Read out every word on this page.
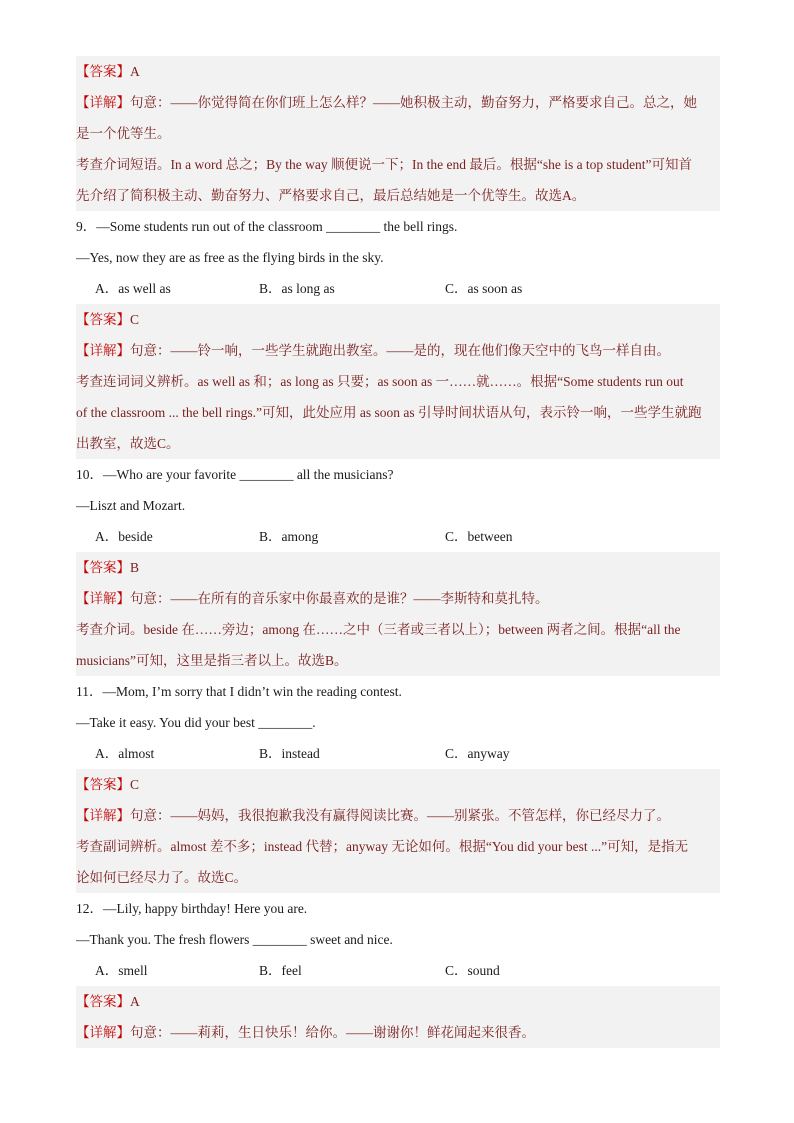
【答案】A
【详解】句意：——你觉得简在你们班上怎么样？——她积极主动，勤奋努力，严格要求自己。总之，她
是一个优等生。
考查介词短语。In a word 总之；By the way 顺便说一下；In the end 最后。根据“she is a top student”可知首
先介绍了简积极主动、勤奋努力、严格要求自己，最后总结她是一个优等生。故选A。
9．—Some students run out of the classroom ________ the bell rings.
—Yes, now they are as free as the flying birds in the sky.
A．as well as	B．as long as	C．as soon as
【答案】C
【详解】句意：——铃一响，一些学生就跑出教室。——是的，现在他们像天空中的飞鸟一样自由。
考查连词词义辨析。as well as 和；as long as 只要；as soon as 一……就……。根据“Some students run out
of the classroom ... the bell rings.”可知，此处应用 as soon as 引导时间状语从句，表示铃一响，一些学生就跑
出教室，故选C。
10．—Who are your favorite ________ all the musicians?
—Liszt and Mozart.
A．beside	B．among	C．between
【答案】B
【详解】句意：——在所有的音乐家中你最喜欢的是谁？——李斯特和莫扎特。
考查介词。beside 在……旁边；among 在……之中（三者或三者以上）；between 两者之间。根据“all the
musicians”可知，这里是指三者以上。故选B。
11．—Mom, I’m sorry that I didn’t win the reading contest.
—Take it easy. You did your best ________.
A．almost	B．instead	C．anyway
【答案】C
【详解】句意：——妈妈，我很抱歉我没有赢得阅读比赛。——别紧张。不管怎样，你已经尽力了。
考查副词辨析。almost 差不多；instead 代替；anyway 无论如何。根据“You did your best ...”可知，是指无
论如何已经尽力了。故选C。
12．—Lily, happy birthday! Here you are.
—Thank you. The fresh flowers ________ sweet and nice.
A．smell	B．feel	C．sound
【答案】A
【详解】句意：——莉莉，生日快乐！给你。——谢谢你！鲜花闻起来很香。
